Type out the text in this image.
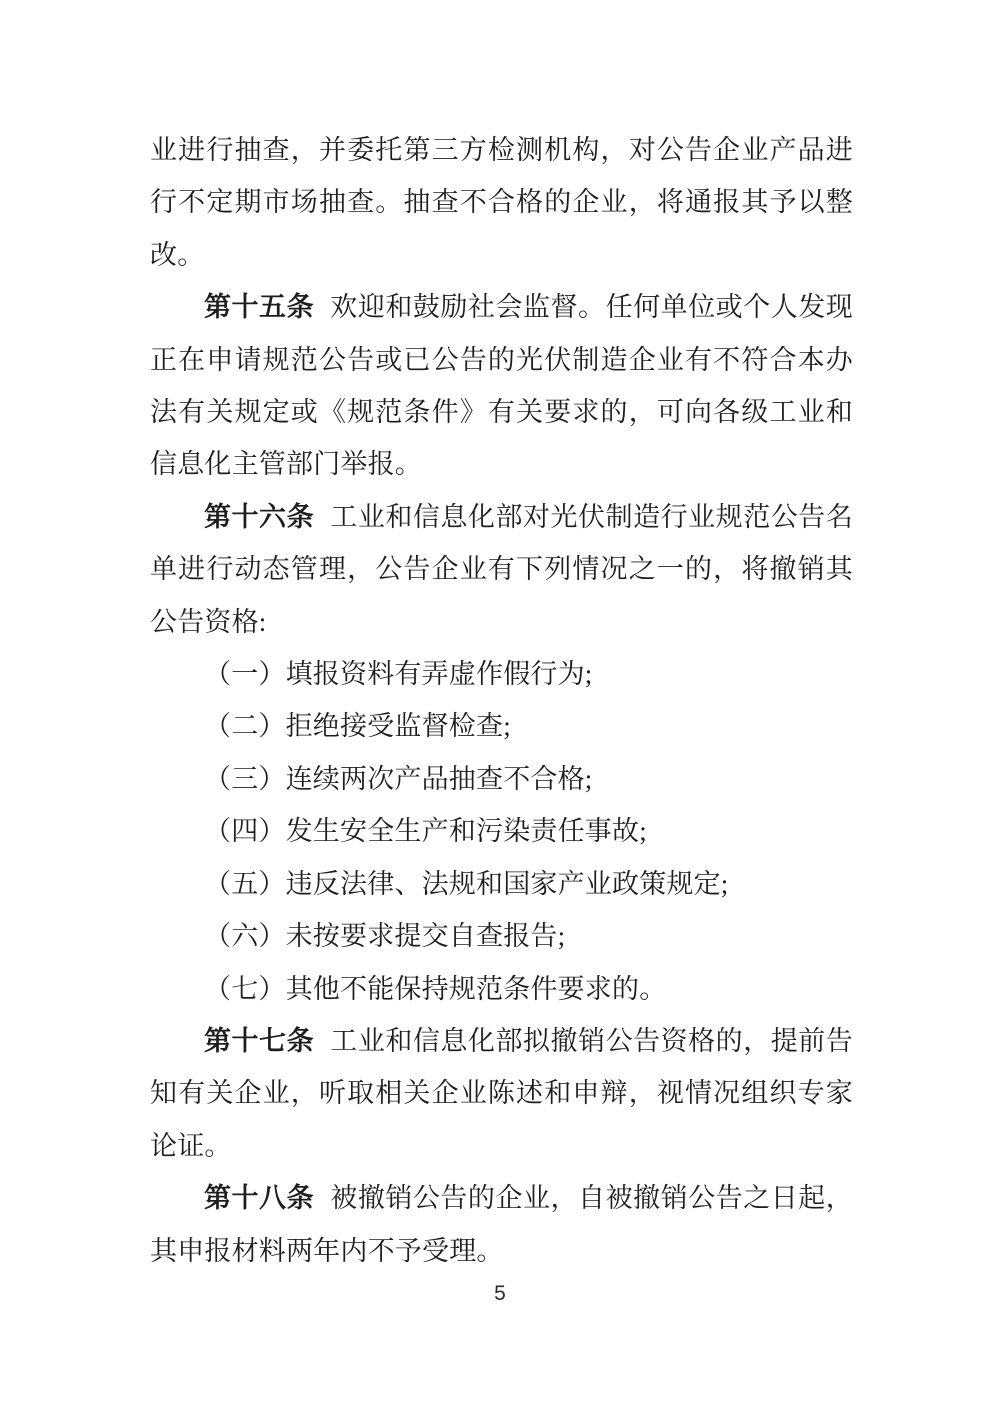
业进行抽查，并委托第三方检测机构，对公告企业产品进行不定期市场抽查。抽查不合格的企业，将通报其予以整改。

第十五条 欢迎和鼓励社会监督。任何单位或个人发现正在申请规范公告或已公告的光伏制造企业有不符合本办法有关规定或《规范条件》有关要求的，可向各级工业和信息化主管部门举报。

第十六条 工业和信息化部对光伏制造行业规范公告名单进行动态管理，公告企业有下列情况之一的，将撤销其公告资格:

（一）填报资料有弄虚作假行为;

（二）拒绝接受监督检查;

（三）连续两次产品抽查不合格;

（四）发生安全生产和污染责任事故;

（五）违反法律、法规和国家产业政策规定;

（六）未按要求提交自查报告;

（七）其他不能保持规范条件要求的。

第十七条 工业和信息化部拟撤销公告资格的，提前告知有关企业，听取相关企业陈述和申辩，视情况组织专家论证。

第十八条 被撤销公告的企业，自被撤销公告之日起，其申报材料两年内不予受理。

5
